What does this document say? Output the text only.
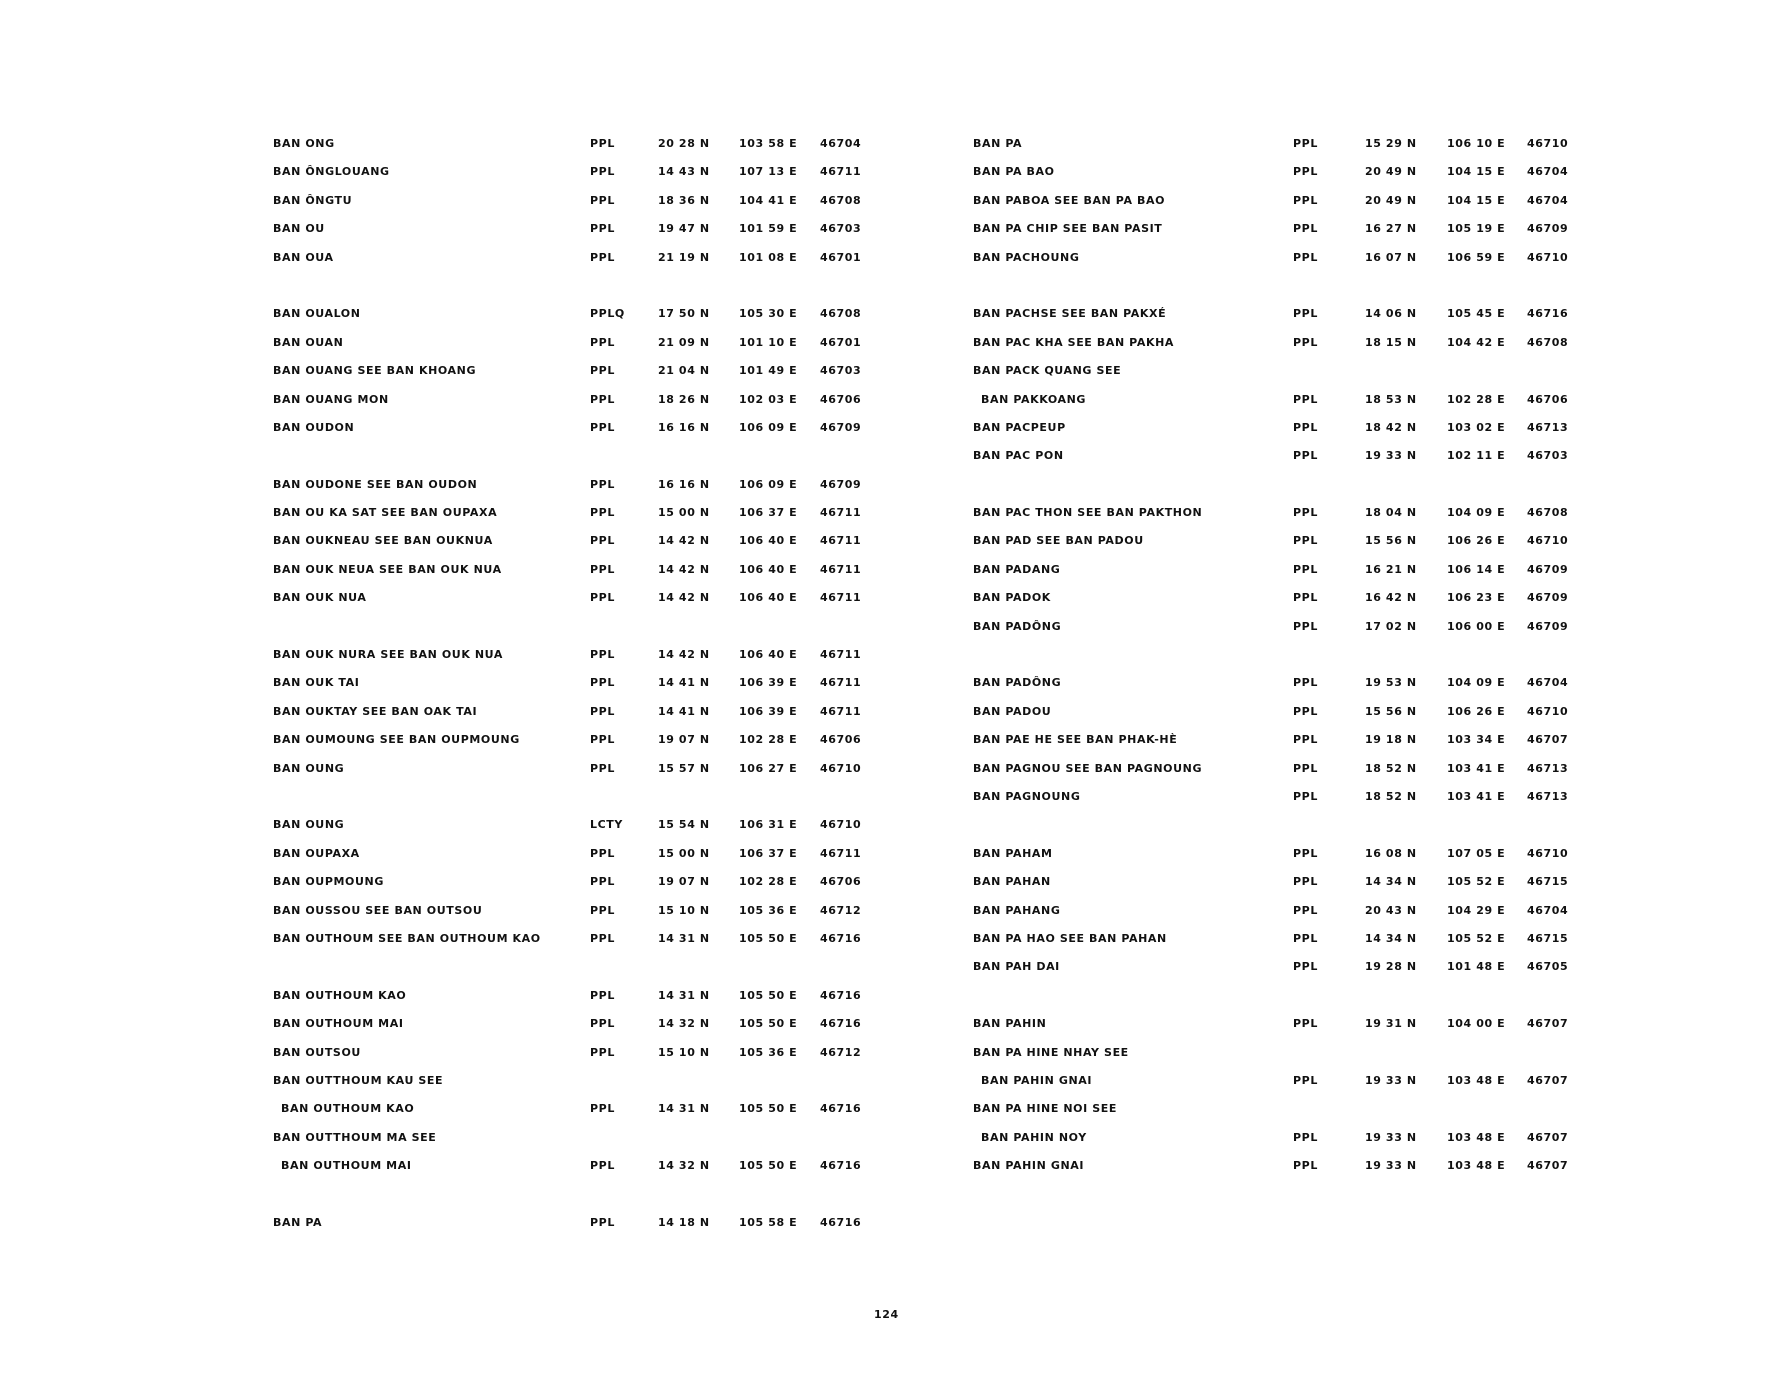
BAN ONG	PPL	20 28 N	103 58 E 46704
BAN ÔNGLOUANG	PPL	14 43 N	107 13 E 46711
BAN ÔNGTU	PPL	18 36 N	104 41 E 46708
BAN OU	PPL	19 47 N	101 59 E 46703
BAN OUA	PPL	21 19 N	101 08 E 46701
BAN OUALON	PPLQ	17 50 N	105 30 E 46708
BAN OUAN	PPL	21 09 N	101 10 E 46701
BAN OUANG SEE BAN KHOANG	PPL	21 04 N	101 49 E 46703
BAN OUANG MON	PPL	18 26 N	102 03 E 46706
BAN OUDON	PPL	16 16 N	106 09 E 46709
BAN OUDONE SEE BAN OUDON	PPL	16 16 N	106 09 E 46709
BAN OU KA SAT SEE BAN OUPAXA	PPL	15 00 N	106 37 E 46711
BAN OUKNEAU SEE BAN OUKNUA	PPL	14 42 N	106 40 E 46711
BAN OUK NEUA SEE BAN OUK NUA	PPL	14 42 N	106 40 E 46711
BAN OUK NUA	PPL	14 42 N	106 40 E 46711
BAN OUK NURA SEE BAN OUK NUA	PPL	14 42 N	106 40 E 46711
BAN OUK TAI	PPL	14 41 N	106 39 E 46711
BAN OUKTAY SEE BAN OAK TAI	PPL	14 41 N	106 39 E 46711
BAN OUMOUNG SEE BAN OUPMOUNG	PPL	19 07 N	102 28 E 46706
BAN OUNG	PPL	15 57 N	106 27 E 46710
BAN OUNG	LCTY	15 54 N	106 31 E 46710
BAN OUPAXA	PPL	15 00 N	106 37 E 46711
BAN OUPMOUNG	PPL	19 07 N	102 28 E 46706
BAN OUSSOU SEE BAN OUTSOU	PPL	15 10 N	105 36 E 46712
BAN OUTHOUM SEE BAN OUTHOUM KAO	PPL	14 31 N	105 50 E 46716
BAN OUTHOUM KAO	PPL	14 31 N	105 50 E 46716
BAN OUTHOUM MAI	PPL	14 32 N	105 50 E 46716
BAN OUTSOU	PPL	15 10 N	105 36 E 46712
BAN OUTTHOUM KAU SEE
BAN OUTHOUM KAO	PPL	14 31 N	105 50 E 46716
BAN OUTTHOUM MA SEE
BAN OUTHOUM MAI	PPL	14 32 N	105 50 E 46716
BAN PA	PPL	14 18 N	105 58 E 46716
BAN PA	PPL	15 29 N	106 10 E 46710
BAN PA BAO	PPL	20 49 N	104 15 E 46704
BAN PABOA SEE BAN PA BAO	PPL	20 49 N	104 15 E 46704
BAN PA CHIP SEE BAN PASIT	PPL	16 27 N	105 19 E 46709
BAN PACHOUNG	PPL	16 07 N	106 59 E 46710
BAN PACHSE SEE BAN PAKXÉ	PPL	14 06 N	105 45 E 46716
BAN PAC KHA SEE BAN PAKHA	PPL	18 15 N	104 42 E 46708
BAN PACK QUANG SEE
BAN PAKKOANG	PPL	18 53 N	102 28 E 46706
BAN PACPEUP	PPL	18 42 N	103 02 E 46713
BAN PAC PON	PPL	19 33 N	102 11 E 46703
BAN PAC THON SEE BAN PAKTHON	PPL	18 04 N	104 09 E 46708
BAN PAD SEE BAN PADOU	PPL	15 56 N	106 26 E 46710
BAN PADANG	PPL	16 21 N	106 14 E 46709
BAN PADOK	PPL	16 42 N	106 23 E 46709
BAN PADÔNG	PPL	17 02 N	106 00 E 46709
BAN PADÔNG	PPL	19 53 N	104 09 E 46704
BAN PADOU	PPL	15 56 N	106 26 E 46710
BAN PAE HE SEE BAN PHAK-HÈ	PPL	19 18 N	103 34 E 46707
BAN PAGNOU SEE BAN PAGNOUNG	PPL	18 52 N	103 41 E 46713
BAN PAGNOUNG	PPL	18 52 N	103 41 E 46713
BAN PAHAM	PPL	16 08 N	107 05 E 46710
BAN PAHAN	PPL	14 34 N	105 52 E 46715
BAN PAHANG	PPL	20 43 N	104 29 E 46704
BAN PA HAO SEE BAN PAHAN	PPL	14 34 N	105 52 E 46715
BAN PAH DAI	PPL	19 28 N	101 48 E 46705
BAN PAHIN	PPL	19 31 N	104 00 E 46707
BAN PA HINE NHAY SEE
BAN PAHIN GNAI	PPL	19 33 N	103 48 E 46707
BAN PA HINE NOI SEE
BAN PAHIN NOY	PPL	19 33 N	103 48 E 46707
BAN PAHIN GNAI	PPL	19 33 N	103 48 E 46707
124
